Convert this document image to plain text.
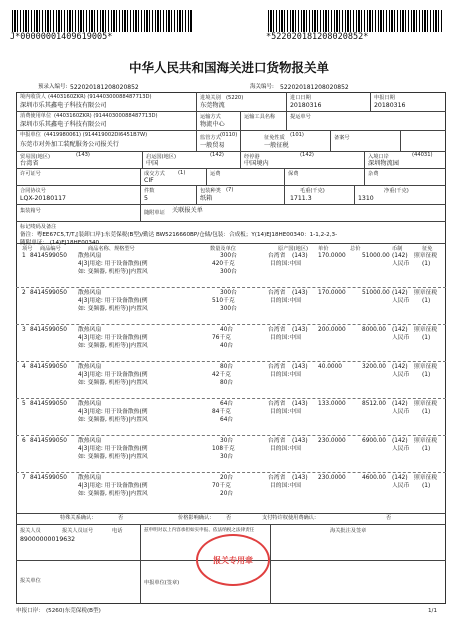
J*00000001409619005*	*522020181208020852*
中华人民共和国海关进口货物报关单
预录入编号: 522020181208020852	海关编号: 522020181208020852
境内收货人 (4403160ZKR) (91440300088487713D)
深圳市乐其鑫电子科技有限公司
进境关别 (5220)
东莞物流
进口日期
20180316
申报日期
20180316
消费使用单位 (4403160ZKR) (91440300088487713D)
深圳市乐其鑫电子科技有限公司
运输方式
物流中心
运输工具名称	提运单号
申报单位 (4419980061) (914419002DI6451B7W)
东莞市对外加工装配服务公司报关行
监管方式 (0110)
一般贸易
征免性质 (101)
一般征税
备案号
贸易国(地区)	(143)
台湾省
启运国(地区)	(142)
中国
经停港	(142)
中国境内
入境口岸	(44031)
深圳物流园
许可证号	成交方式	(1)
CIF
运费	保费	杂费
合同协议号
LQX-20180117
件数
5
包装种类 (7)
纸箱
毛重(千克)
1711.3
净重(千克)
1310
集装箱号	随附单证 关联报关单
标记唛码及备注
备注：粤EE67C5,T/T,[装卸口岸]:东莞保税(B型)/勤达 BW5216660BP/仓储/包装：合成板；Y(14)EJ18HE00340：1-1,2-2,3-
随附单证： (14)EJ18HE00340
项号 商品编号	商品名称、规格型号	数量及单位	原产国(地区) 单价	总价	币制	征免
1 8414599050 散热风扇	300台	台湾省 (143) 170.0000	51000.00 (142) 照章征税
4|3|用途: 用于设备散热(例	420千克	目的国:中国	人民币 (1)
如: 变频器, 机柜等)|内置风	300台
2 8414599050 散热风扇	300台	台湾省 (143) 170.0000	51000.00 (142) 照章征税
4|3|用途: 用于设备散热(例	510千克	目的国:中国	人民币 (1)
如: 变频器, 机柜等)|内置风	300台
3 8414599050 散热风扇	40台	台湾省 (143) 200.0000	8000.00 (142) 照章征税
4|3|用途: 用于设备散热(例	76千克	目的国:中国	人民币 (1)
如: 变频器, 机柜等)|内置风	40台
4 8414599050 散热风扇	80台	台湾省 (143) 40.0000	3200.00 (142) 照章征税
4|3|用途: 用于设备散热(例	42千克	目的国:中国	人民币 (1)
如: 变频器, 机柜等)|内置风	80台
5 8414599050 散热风扇	64台	台湾省 (143) 133.0000	8512.00 (142) 照章征税
4|3|用途: 用于设备散热(例	84千克	目的国:中国	人民币 (1)
如: 变频器, 机柜等)|内置风	64台
6 8414599050 散热风扇	30台	台湾省 (143) 230.0000	6900.00 (142) 照章征税
4|3|用途: 用于设备散热(例	108千克	目的国:中国	人民币 (1)
如: 变频器, 机柜等)|内置风	30台
7 8414599050 散热风扇	20台	台湾省 (143) 230.0000	4600.00 (142) 照章征税
4|3|用途: 用于设备散热(例	70千克	目的国:中国	人民币 (1)
如: 变频器, 机柜等)|内置风	20台
特殊关系确认：	否	价格影响确认： 否	支付特许权使用费确认：	否
报关人员
89000000019632
报关人员证号	电话	兹申明对以上内容承担如实申报、依法纳税之法律责任	海关批注及签章
报关单位	申报单位(签章)
报关专用章
申报口岸： (5260)东莞保税(B型)	1/1
